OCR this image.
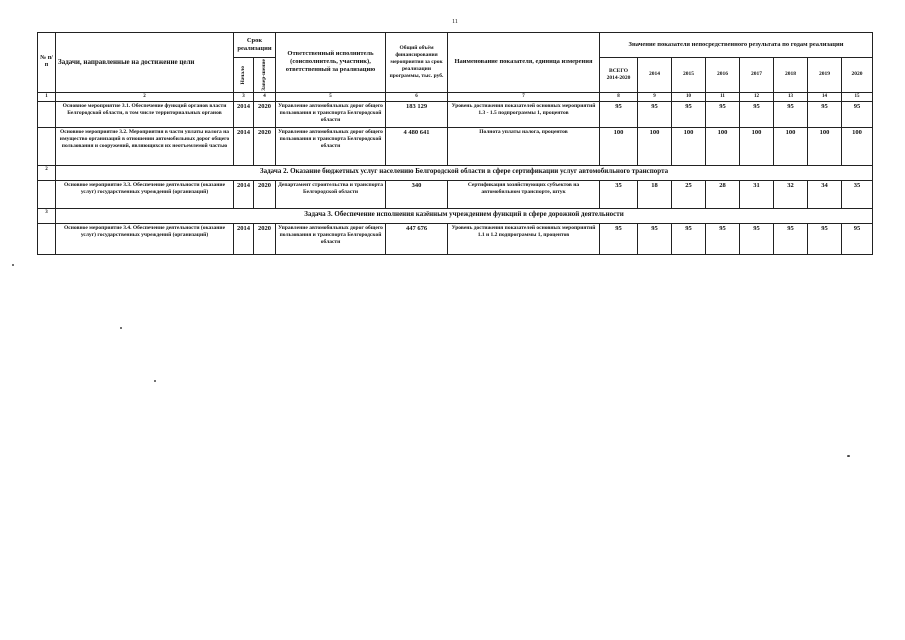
11
№ п/п	Задачи, направленные на достижение цели	Срок реализации		Ответственный исполнитель (соисполнитель, участник), ответственный за реализацию	Общий объём финансирования мероприятия за срок реализации программы, тыс. руб.	Наименование показателя, единица измерения	Значение показателя непосредственного результата по годам реализации							

		Начало	Завер-шение				ВСЕГО 2014-2020	2014	2015	2016	2017	2018	2019	2020
1	2	3	4	5	6	7	8	9	10	11	12	13	14	15
	Основное мероприятие 3.1. Обеспечение функций органов власти Белгородской области, в том числе территориальных органов	2014	2020	Управление автомобильных дорог общего пользования и транспорта Белгородской области	183 129	Уровень достижения показателей основных мероприятий 1.3 - 1.5 подпрограммы 1, процентов	95	95	95	95	95	95	95	95
	Основное мероприятие 3.2. Мероприятия в части уплаты налога на имущество организаций в отношении автомобильных дорог общего пользования и сооружений, являющихся их неотъемлемой частью	2014	2020	Управление автомобильных дорог общего пользования и транспорта Белгородской области	4 480 641	Полнота уплаты налога, процентов	100	100	100	100	100	100	100	100
2	Задача 2. Оказание бюджетных услуг населению Белгородской области в сфере сертификации услуг автомобильного транспорта													
	Основное мероприятие 3.3. Обеспечение деятельности (оказание услуг) государственных учреждений (организаций)	2014	2020	Департамент строительства и транспорта Белгородской области	340	Сертификация хозяйствующих субъектов на автомобильном транспорте, штук	35	18	25	28	31	32	34	35
3	Задача 3. Обеспечение исполнения казённым учреждением функций в сфере дорожной деятельности													
	Основное мероприятие 3.4. Обеспечение деятельности (оказание услуг) государственных учреждений (организаций)	2014	2020	Управление автомобильных дорог общего пользования и транспорта Белгородской области	447 676	Уровень достижения показателей основных мероприятий 1.1 и 1.2 подпрограммы 1, процентов	95	95	95	95	95	95	95	95
